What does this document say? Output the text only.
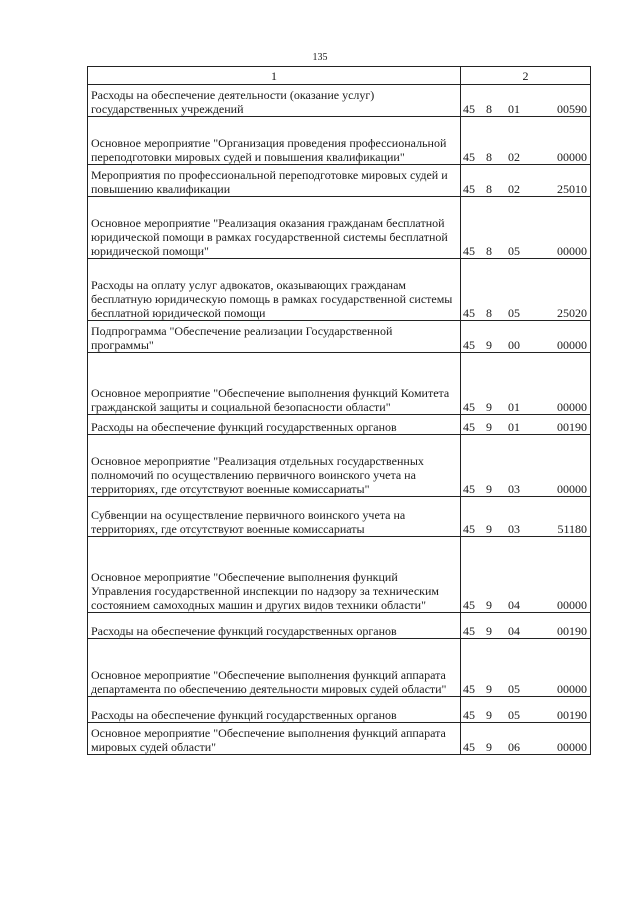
135
1	2
Расходы на обеспечение деятельности (оказание услуг) государственных учреждений	45 8 01 00590
Основное мероприятие "Организация проведения профессиональной переподготовки мировых судей и повышения квалификации"	45 8 02 00000
Мероприятия по профессиональной переподготовке мировых судей и повышению квалификации	45 8 02 25010
Основное мероприятие "Реализация оказания гражданам бесплатной юридической помощи в рамках государственной системы бесплатной юридической помощи"	45 8 05 00000
Расходы на оплату услуг адвокатов, оказывающих гражданам бесплатную юридическую помощь в рамках государственной системы бесплатной юридической помощи	45 8 05 25020
Подпрограмма "Обеспечение реализации Государственной программы"	45 9 00 00000
Основное мероприятие "Обеспечение выполнения функций Комитета гражданской защиты и социальной безопасности области"	45 9 01 00000
Расходы на обеспечение функций государственных органов	45 9 01 00190
Основное мероприятие "Реализация отдельных государственных полномочий по осуществлению первичного воинского учета на территориях, где отсутствуют военные комиссариаты"	45 9 03 00000
Субвенции на осуществление первичного воинского учета на территориях, где отсутствуют военные комиссариаты	45 9 03 51180
Основное мероприятие "Обеспечение выполнения функций Управления государственной инспекции по надзору за техническим состоянием самоходных машин и других видов техники области"	45 9 04 00000
Расходы на обеспечение функций государственных органов	45 9 04 00190
Основное мероприятие "Обеспечение выполнения функций аппарата департамента по обеспечению деятельности мировых судей области"	45 9 05 00000
Расходы на обеспечение функций государственных органов	45 9 05 00190
Основное мероприятие "Обеспечение выполнения функций аппарата мировых судей области"	45 9 06 00000
